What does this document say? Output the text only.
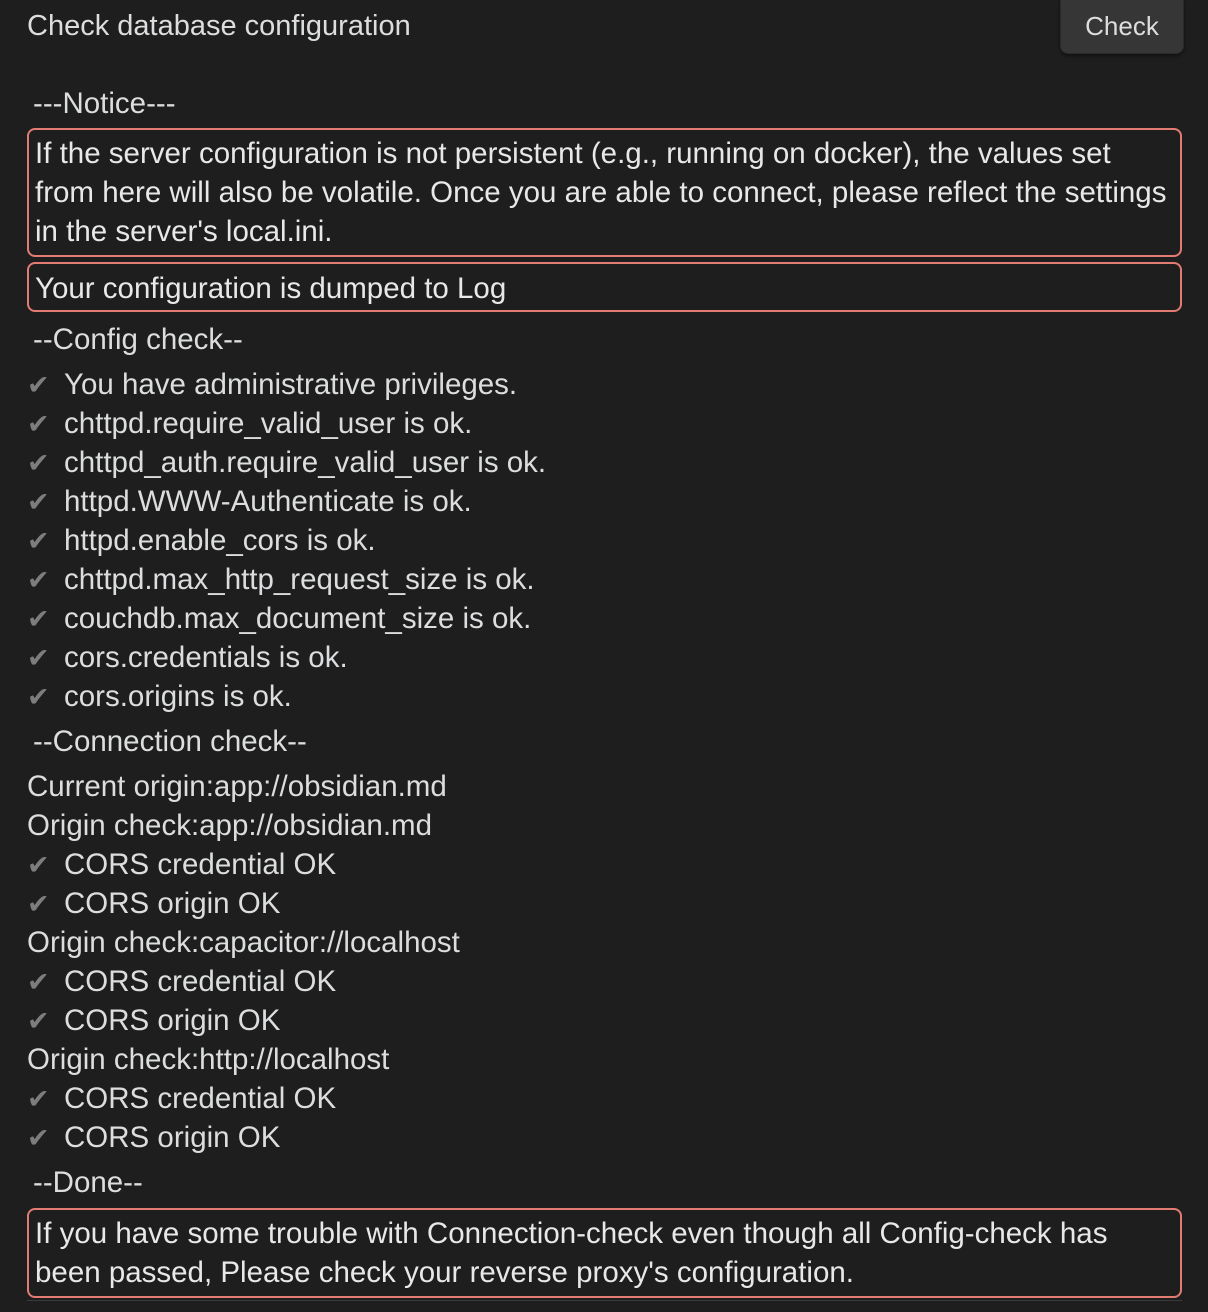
Check database configuration	Check
---Notice---
If the server configuration is not persistent (e.g., running on docker), the values set from here will also be volatile. Once you are able to connect, please reflect the settings in the server's local.ini.
Your configuration is dumped to Log
--Config check--
✔ You have administrative privileges.
✔ chttpd.require_valid_user is ok.
✔ chttpd_auth.require_valid_user is ok.
✔ httpd.WWW-Authenticate is ok.
✔ httpd.enable_cors is ok.
✔ chttpd.max_http_request_size is ok.
✔ couchdb.max_document_size is ok.
✔ cors.credentials is ok.
✔ cors.origins is ok.
--Connection check--
Current origin:app://obsidian.md
Origin check:app://obsidian.md
✔ CORS credential OK
✔ CORS origin OK
Origin check:capacitor://localhost
✔ CORS credential OK
✔ CORS origin OK
Origin check:http://localhost
✔ CORS credential OK
✔ CORS origin OK
--Done--
If you have some trouble with Connection-check even though all Config-check has been passed, Please check your reverse proxy's configuration.
